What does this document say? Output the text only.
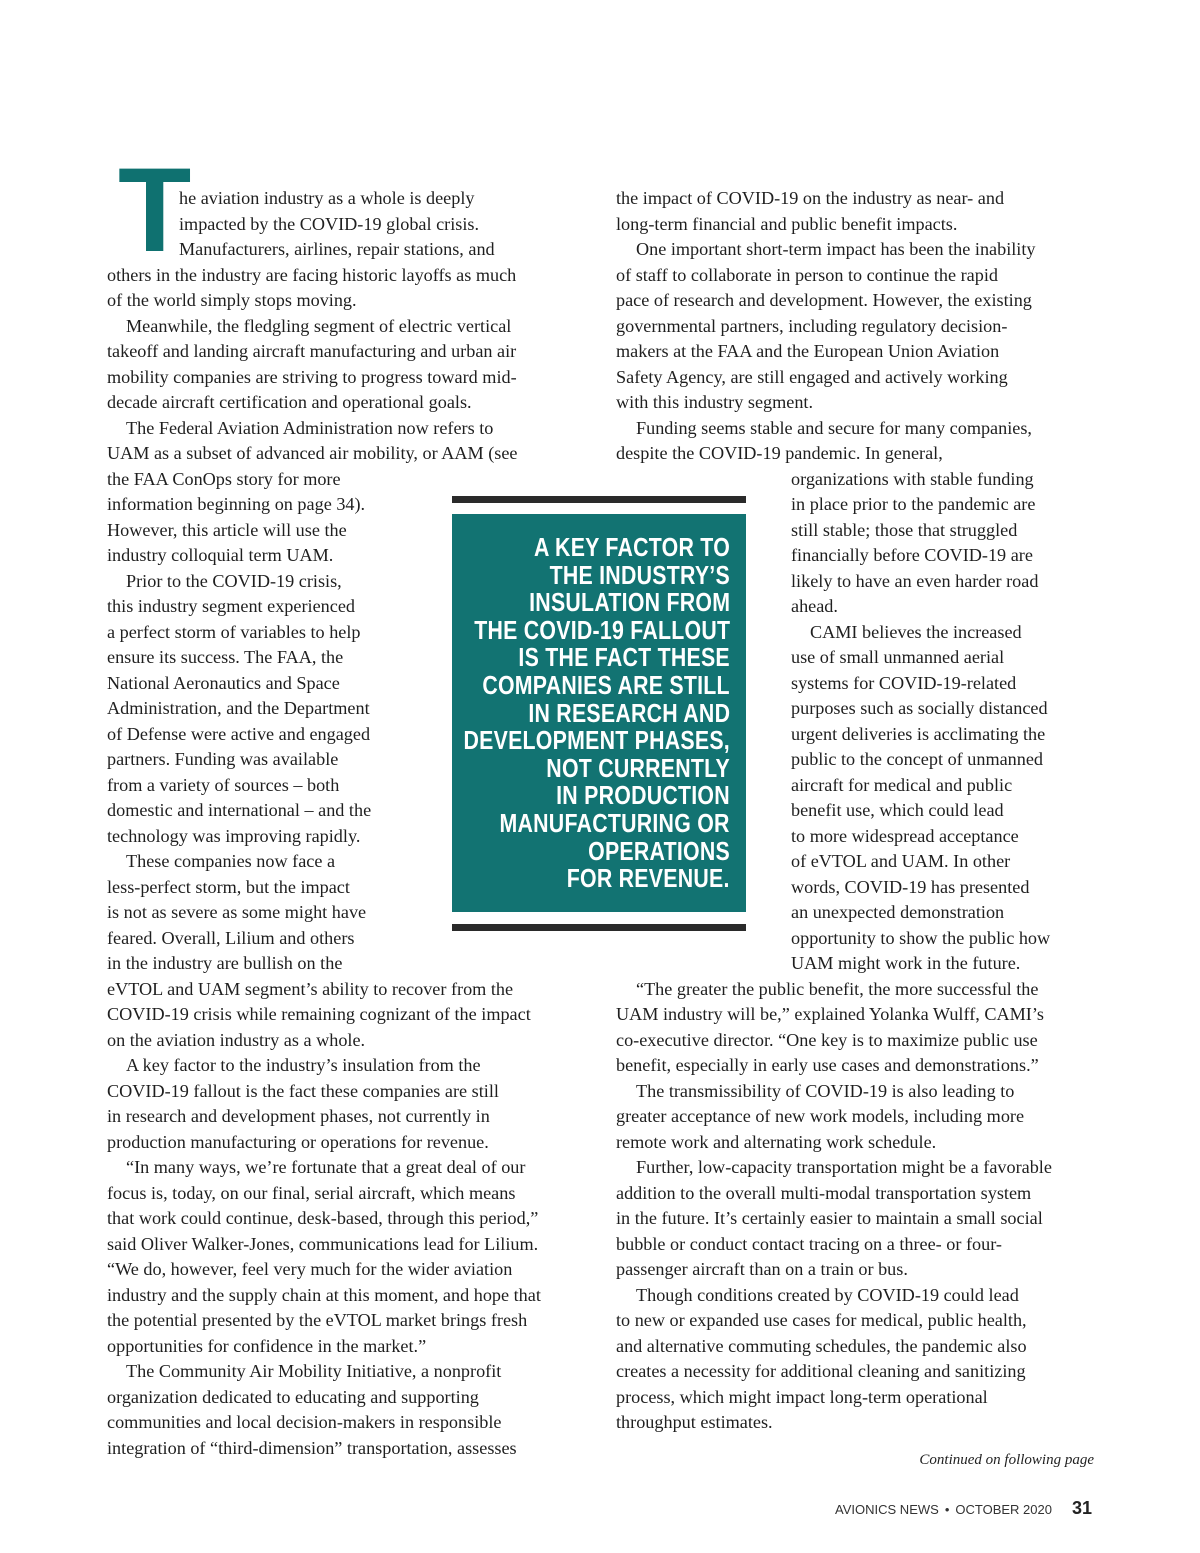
T

he aviation industry as a whole is deeply

impacted by the COVID-19 global crisis.

Manufacturers, airlines, repair stations, and

others in the industry are facing historic layoffs as much

of the world simply stops moving.

Meanwhile, the fledgling segment of electric vertical

takeoff and landing aircraft manufacturing and urban air

mobility companies are striving to progress toward mid-

decade aircraft certification and operational goals.

The Federal Aviation Administration now refers to

UAM as a subset of advanced air mobility, or AAM (see

the FAA ConOps story for more

information beginning on page 34).

However, this article will use the

industry colloquial term UAM.

Prior to the COVID-19 crisis,

this industry segment experienced

a perfect storm of variables to help

ensure its success. The FAA, the

National Aeronautics and Space

Administration, and the Department

of Defense were active and engaged

partners. Funding was available

from a variety of sources – both

domestic and international – and the

technology was improving rapidly.

These companies now face a

less-perfect storm, but the impact

is not as severe as some might have

feared. Overall, Lilium and others

in the industry are bullish on the

eVTOL and UAM segment’s ability to recover from the

COVID-19 crisis while remaining cognizant of the impact

on the aviation industry as a whole.

A key factor to the industry’s insulation from the

COVID-19 fallout is the fact these companies are still

in research and development phases, not currently in

production manufacturing or operations for revenue.

“In many ways, we’re fortunate that a great deal of our

focus is, today, on our final, serial aircraft, which means

that work could continue, desk-based, through this period,”

said Oliver Walker-Jones, communications lead for Lilium.

“We do, however, feel very much for the wider aviation

industry and the supply chain at this moment, and hope that

the potential presented by the eVTOL market brings fresh

opportunities for confidence in the market.”

The Community Air Mobility Initiative, a nonprofit

organization dedicated to educating and supporting

communities and local decision-makers in responsible

integration of “third-dimension” transportation, assesses

the impact of COVID-19 on the industry as near- and

long-term financial and public benefit impacts.

One important short-term impact has been the inability

of staff to collaborate in person to continue the rapid

pace of research and development. However, the existing

governmental partners, including regulatory decision-

makers at the FAA and the European Union Aviation

Safety Agency, are still engaged and actively working

with this industry segment.

Funding seems stable and secure for many companies,

despite the COVID-19 pandemic. In general,

organizations with stable funding

in place prior to the pandemic are

still stable; those that struggled

financially before COVID-19 are

likely to have an even harder road

ahead.

CAMI believes the increased

use of small unmanned aerial

systems for COVID-19-related

purposes such as socially distanced

urgent deliveries is acclimating the

public to the concept of unmanned

aircraft for medical and public

benefit use, which could lead

to more widespread acceptance

of eVTOL and UAM. In other

words, COVID-19 has presented

an unexpected demonstration

opportunity to show the public how

UAM might work in the future.

“The greater the public benefit, the more successful the

UAM industry will be,” explained Yolanka Wulff, CAMI’s

co-executive director. “One key is to maximize public use

benefit, especially in early use cases and demonstrations.”

The transmissibility of COVID-19 is also leading to

greater acceptance of new work models, including more

remote work and alternating work schedule.

Further, low-capacity transportation might be a favorable

addition to the overall multi-modal transportation system

in the future. It’s certainly easier to maintain a small social

bubble or conduct contact tracing on a three- or four-

passenger aircraft than on a train or bus.

Though conditions created by COVID-19 could lead

to new or expanded use cases for medical, public health,

and alternative commuting schedules, the pandemic also

creates a necessity for additional cleaning and sanitizing

process, which might impact long-term operational

throughput estimates.

A KEY FACTOR TO
THE INDUSTRY’S
INSULATION FROM
THE COVID-19 FALLOUT
IS THE FACT THESE
COMPANIES ARE STILL
IN RESEARCH AND
DEVELOPMENT PHASES,
NOT CURRENTLY
IN PRODUCTION
MANUFACTURING OR
OPERATIONS
FOR REVENUE.
Continued on following page
AVIONICS NEWS • OCTOBER 2020 31
